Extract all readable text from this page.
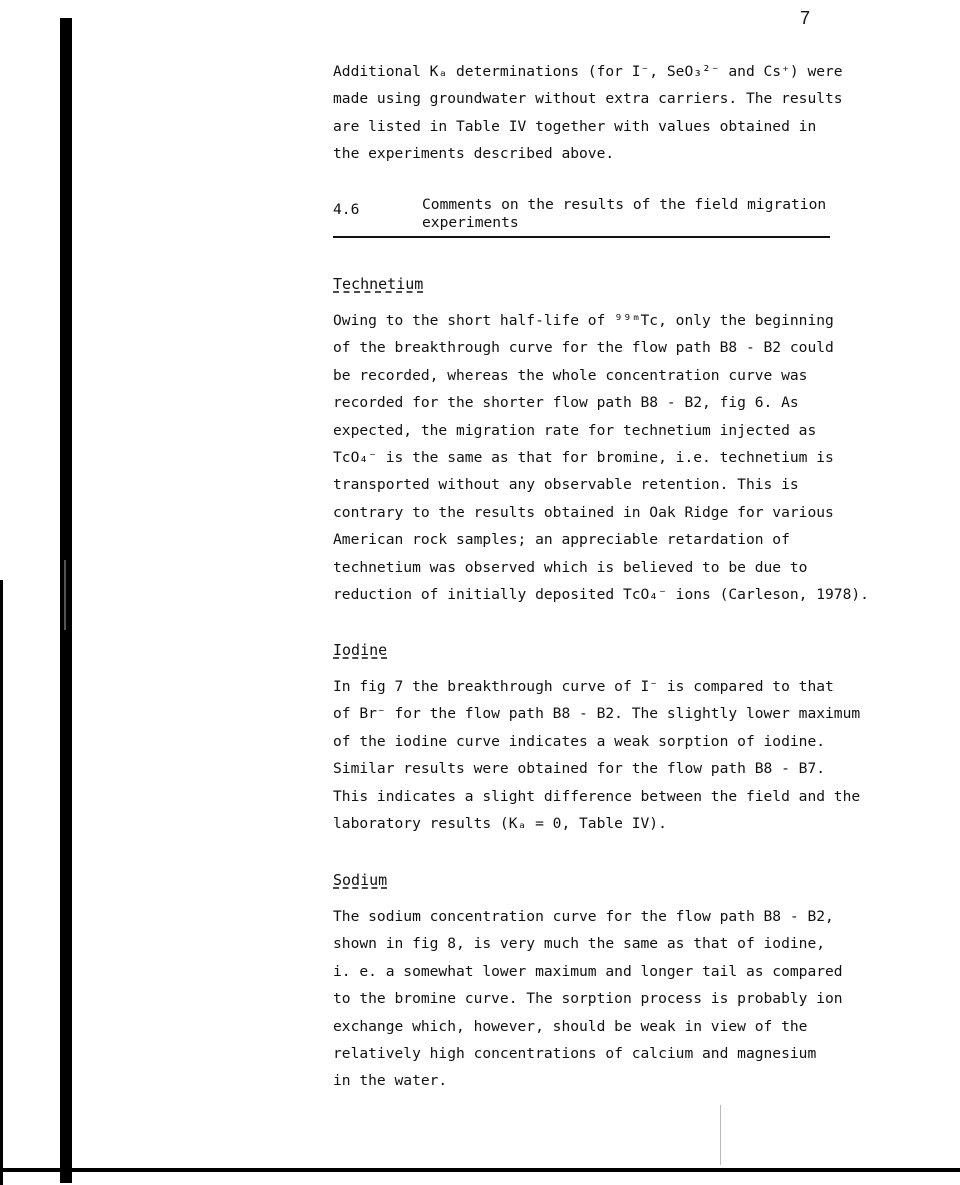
7
Additional Kₐ determinations (for I⁻, SeO₃²⁻ and Cs⁺) were
made using groundwater without extra carriers. The results
are listed in Table IV together with values obtained in
the experiments described above.
4.6	Comments on the results of the field migration
experiments
Technetium
Owing to the short half-life of ⁹⁹ᵐTc, only the beginning
of the breakthrough curve for the flow path B8 - B2 could
be recorded, whereas the whole concentration curve was
recorded for the shorter flow path B8 - B2, fig 6. As
expected, the migration rate for technetium injected as
TcO₄⁻ is the same as that for bromine, i.e. technetium is
transported without any observable retention. This is
contrary to the results obtained in Oak Ridge for various
American rock samples; an appreciable retardation of
technetium was observed which is believed to be due to
reduction of initially deposited TcO₄⁻ ions (Carleson, 1978).
Iodine
In fig 7 the breakthrough curve of I⁻ is compared to that
of Br⁻ for the flow path B8 - B2. The slightly lower maximum
of the iodine curve indicates a weak sorption of iodine.
Similar results were obtained for the flow path B8 - B7.
This indicates a slight difference between the field and the
laboratory results (Kₐ = 0, Table IV).
Sodium
The sodium concentration curve for the flow path B8 - B2,
shown in fig 8, is very much the same as that of iodine,
i. e. a somewhat lower maximum and longer tail as compared
to the bromine curve. The sorption process is probably ion
exchange which, however, should be weak in view of the
relatively high concentrations of calcium and magnesium
in the water.
